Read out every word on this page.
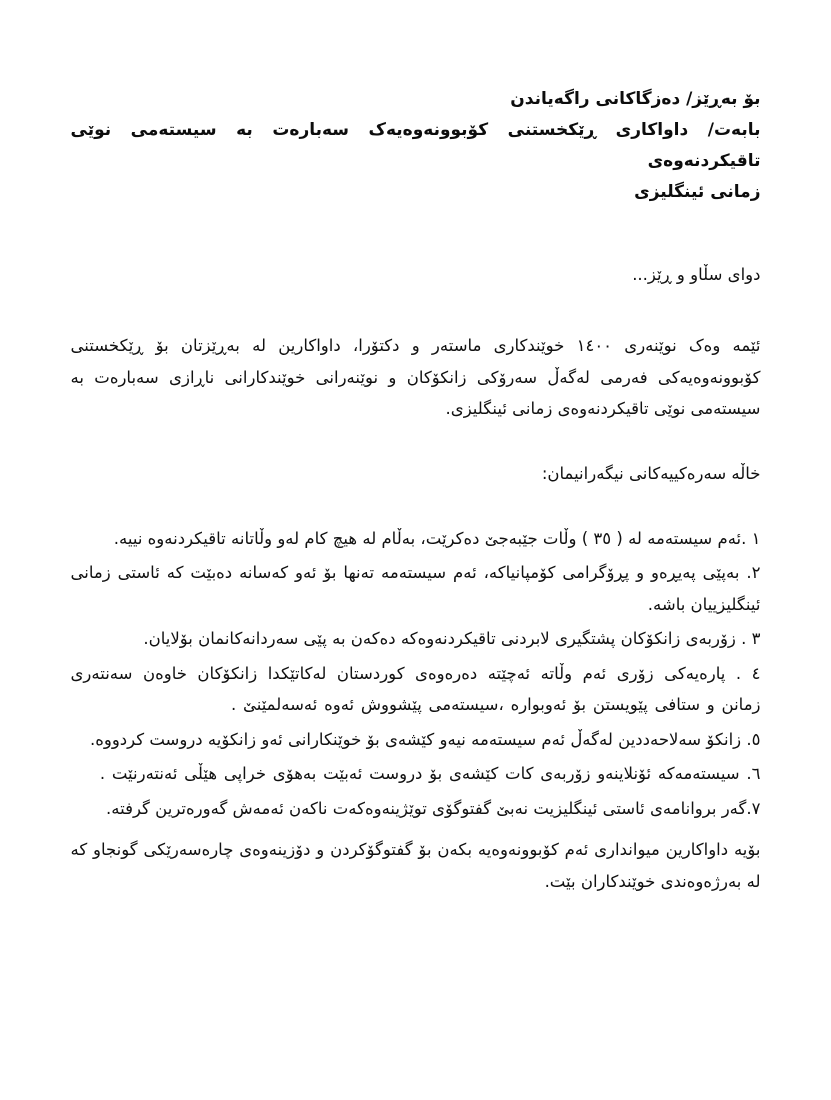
بۆ بەڕێز/ دەزگاکانی راگەیاندن
بابەت/ داواکاری ڕێکخستنی کۆبوونەوەیەک سەبارەت بە سیستەمی نوێی تاقیکردنەوەی
زمانی ئینگلیزی
دوای سڵاو و ڕێز...
ئێمه وەک نوێنەری ١٤٠٠ خوێندکاری ماستەر و دکتۆرا، داواکارین له بەڕێزتان بۆ ڕێکخستنی کۆبوونەوەیەکی فەرمی لەگەڵ سەرۆکی زانکۆکان و نوێنەرانی خوێندکارانی ناڕازی سەبارەت بە سیستەمی نوێی تاقیکردنەوەی زمانی ئینگلیزی.
خاڵە سەرەکییەکانی نیگەرانیمان:
١ .ئەم سیستەمه له ( ٣٥ ) وڵات جێبەجێ دەکرێت، بەڵام له هیچ کام لەو وڵاتانه تاقیکردنەوه نییه.
٢. بەپێی پەیڕەو و پڕۆگرامی کۆمپانیاکه، ئەم سیستەمه تەنها بۆ ئەو کەسانه دەبێت که ئاستی زمانی ئینگلیزییان باشه.
٣ . زۆربەی زانکۆکان پشتگیری لابردنی تاقیکردنەوەکه دەکەن به پێی سەردانەکانمان بۆلایان.
٤ . پارەیەکی زۆری ئەم وڵاته ئەچێته دەرەوەی کوردستان لەکاتێکدا زانکۆکان خاوەن سەنتەری زمانن و ستافی پێویستن بۆ ئەوبوارە ،سیستەمی پێشووش ئەوە ئەسەلمێنێ .
٥. زانکۆ سەلاحەددین لەگەڵ ئەم سیستەمه نیەو کێشەی بۆ خوێنکارانی ئەو زانکۆیه دروست کردووه.
٦. سیستەمەکە ئۆنلاینەو زۆربەی کات کێشەی بۆ دروست ئەبێت بەهۆی خراپی هێڵی ئەنتەرنێت .
٧.گەر بروانامەی ئاستی ئینگلیزیت نەبێ گفتوگۆی توێژینەوەکەت ناکەن ئەمەش گەورەترین گرفته.
بۆیه داواکارین میوانداری ئەم کۆبوونەوەیه بکەن بۆ گفتوگۆکردن و دۆزینەوەی چارەسەرێکی گونجاو که له بەرژەوەندی خوێندکاران بێت.
